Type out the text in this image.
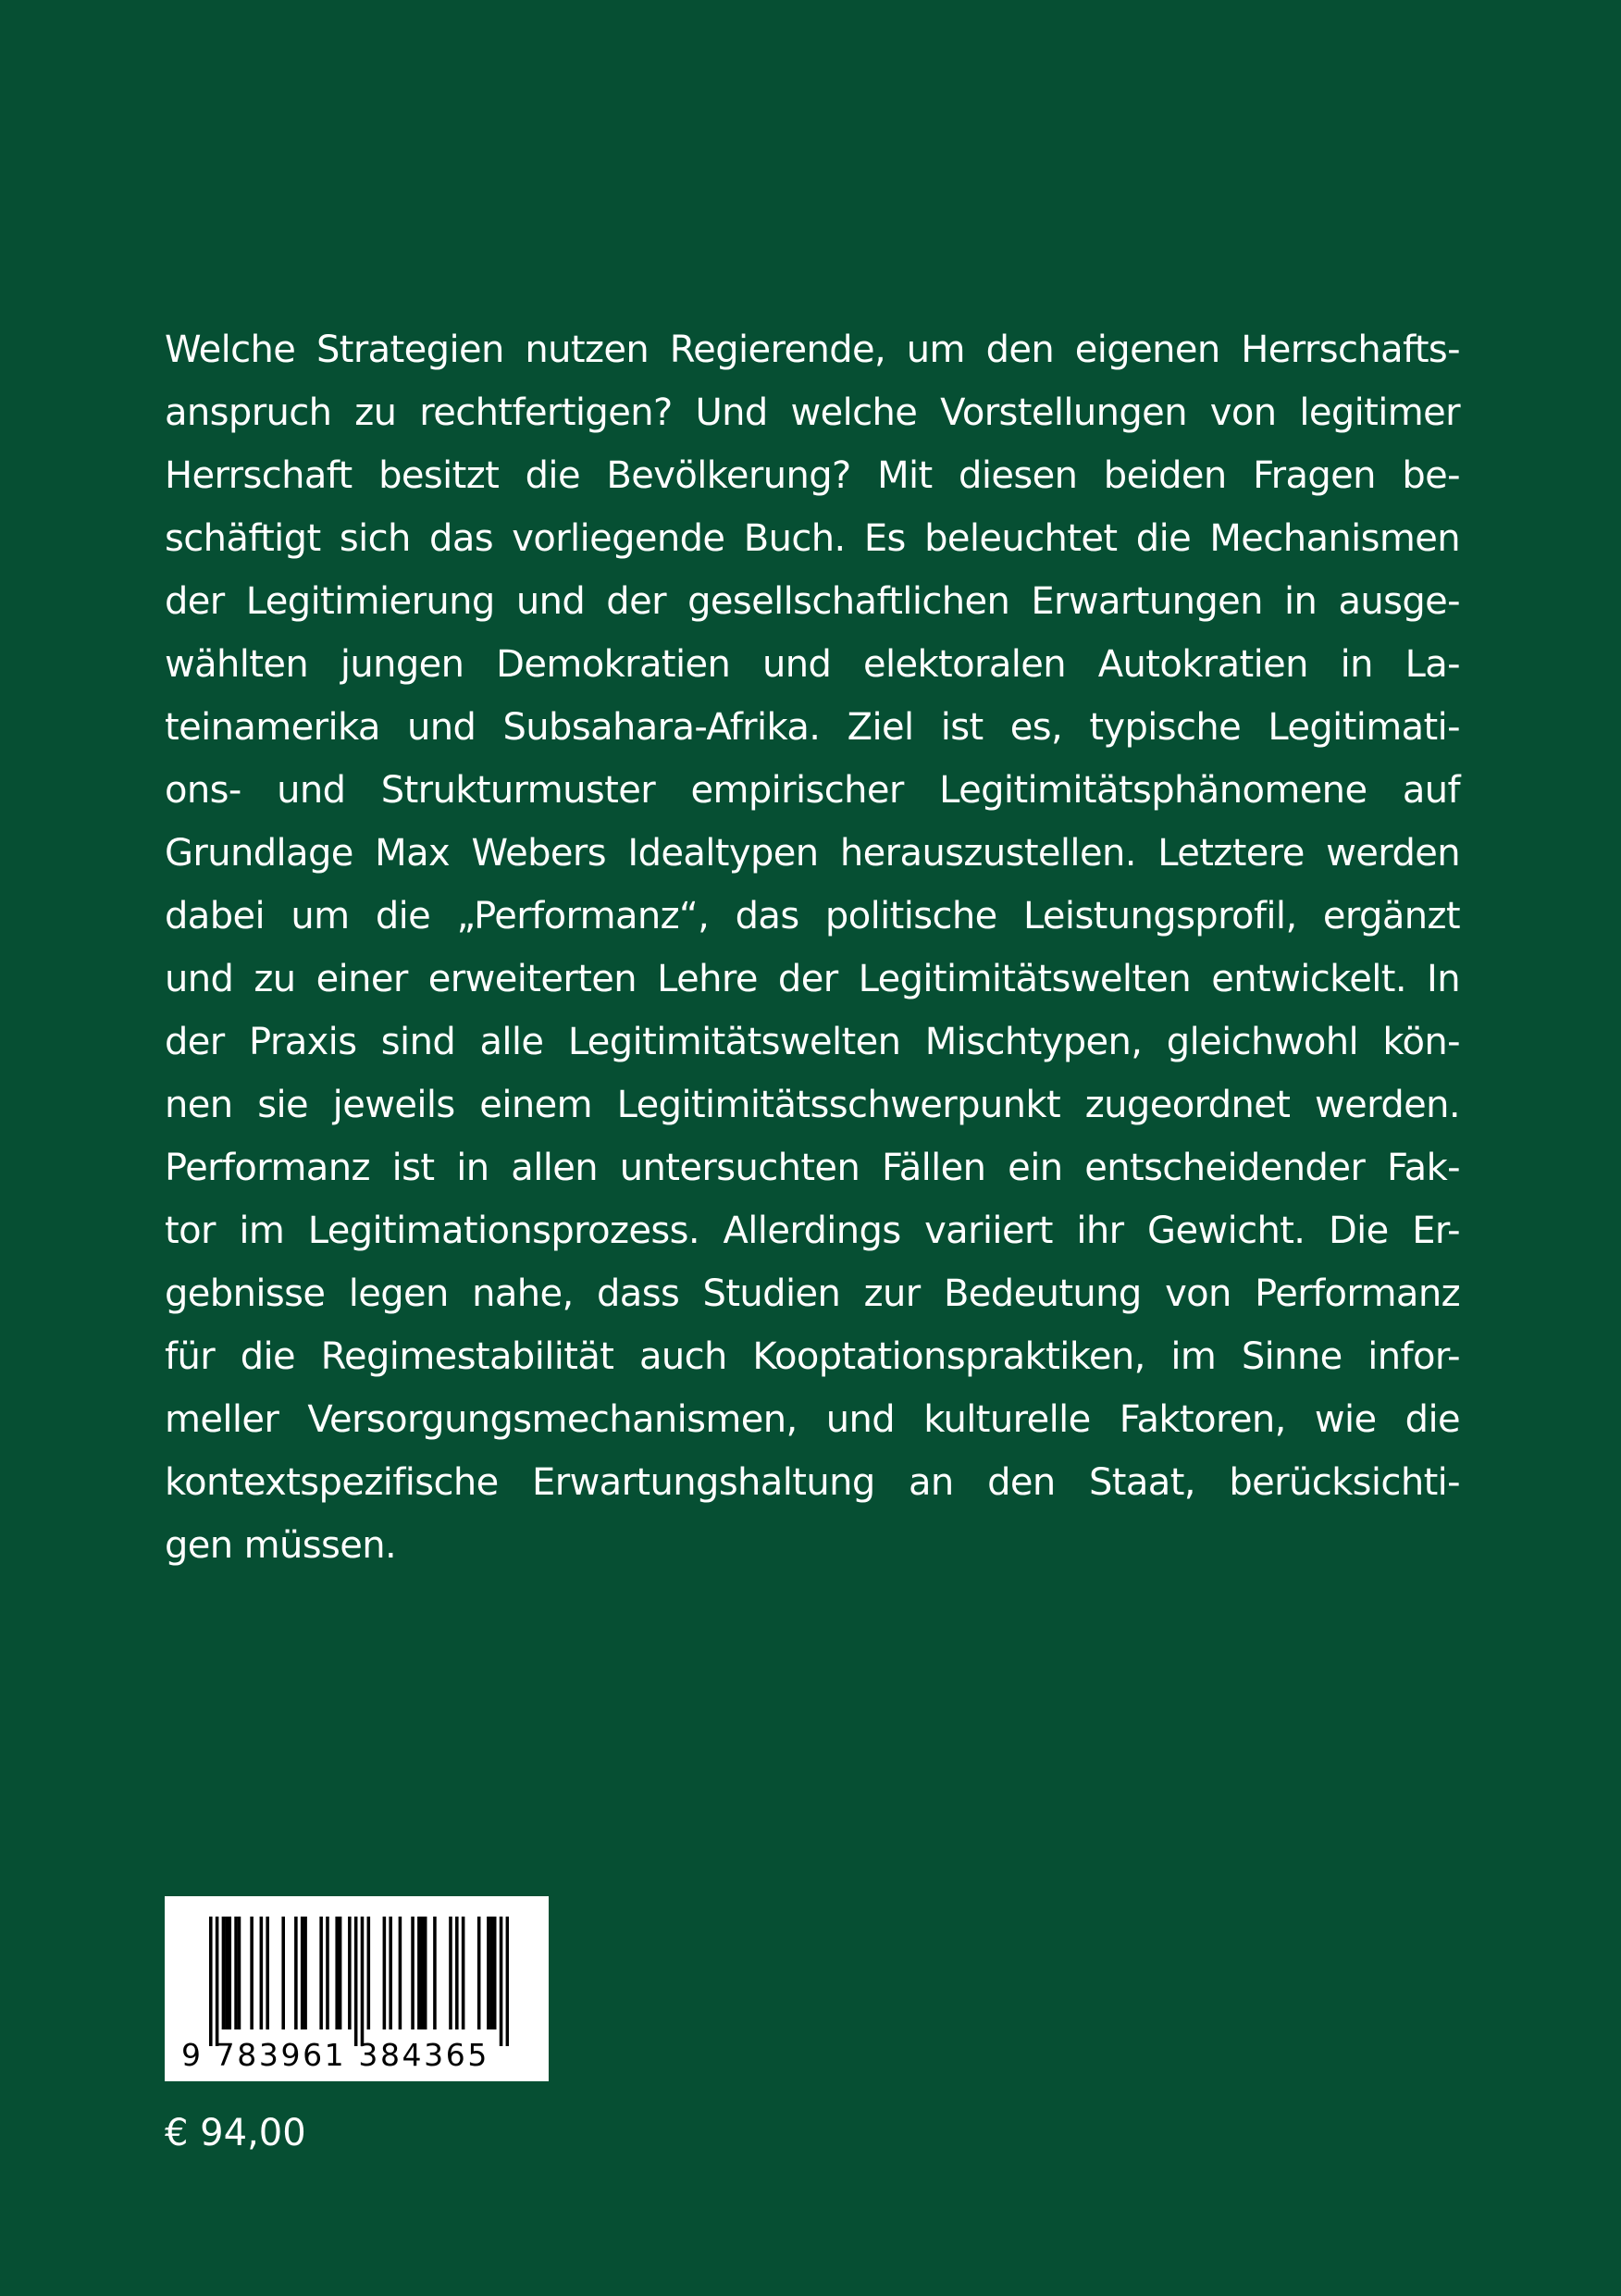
Welche Strategien nutzen Regierende, um den eigenen Herrschafts-
anspruch zu rechtfertigen? Und welche Vorstellungen von legitimer
Herrschaft besitzt die Bevölkerung? Mit diesen beiden Fragen be-
schäftigt sich das vorliegende Buch. Es beleuchtet die Mechanismen
der Legitimierung und der gesellschaftlichen Erwartungen in ausge-
wählten jungen Demokratien und elektoralen Autokratien in La-
teinamerika und Subsahara-Afrika. Ziel ist es, typische Legitimati-
ons- und Strukturmuster empirischer Legitimitätsphänomene auf
Grundlage Max Webers Idealtypen herauszustellen. Letztere werden
dabei um die „Performanz“, das politische Leistungsprofil, ergänzt
und zu einer erweiterten Lehre der Legitimitätswelten entwickelt. In
der Praxis sind alle Legitimitätswelten Mischtypen, gleichwohl kön-
nen sie jeweils einem Legitimitätsschwerpunkt zugeordnet werden.
Performanz ist in allen untersuchten Fällen ein entscheidender Fak-
tor im Legitimationsprozess. Allerdings variiert ihr Gewicht. Die Er-
gebnisse legen nahe, dass Studien zur Bedeutung von Performanz
für die Regimestabilität auch Kooptationspraktiken, im Sinne infor-
meller Versorgungsmechanismen, und kulturelle Faktoren, wie die
kontextspezifische Erwartungshaltung an den Staat, berücksichti-
gen müssen.
9 783961 384365
€ 94,00
